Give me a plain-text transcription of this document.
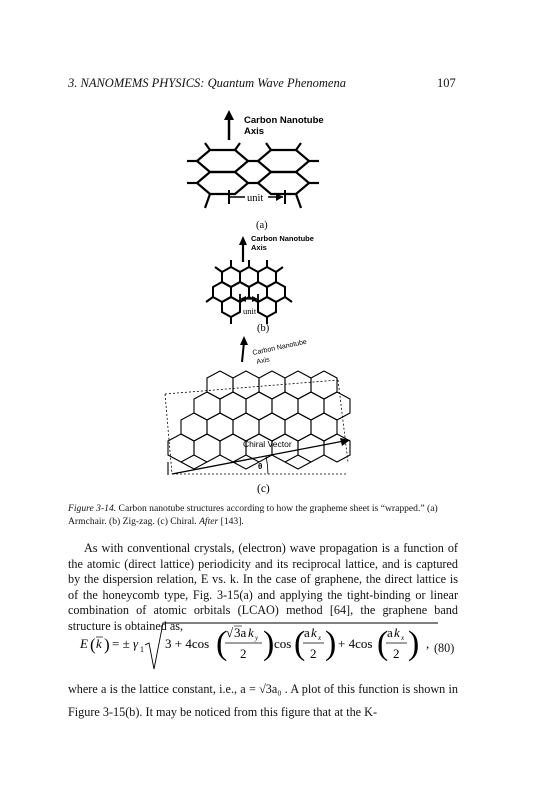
3. NANOMEMS PHYSICS: Quantum Wave Phenomena	107
Carbon Nanotube
Axis
unit
(a)
Carbon Nanotube
Axis
unit
(b)
Carbon Nanotube
Axis
Chiral Vector
θ
(c)
Figure 3-14. Carbon nanotube structures according to how the grapheme sheet is “wrapped.” (a) Armchair. (b) Zig-zag. (c) Chiral. After [143].
As with conventional crystals, (electron) wave propagation is a function of the atomic (direct lattice) periodicity and its reciprocal lattice, and is captured by the dispersion relation, E vs. k. In the case of graphene, the direct lattice is of the honeycomb type, Fig. 3-15(a) and applying the tight-binding or linear combination of atomic orbitals (LCAO) method [64], the graphene band structure is obtained as,
E ( k ) = ± γ 1 3 + 4cos (
√ 3a k y
2 ) cos (
a k x
2 ) + 4cos (
a k x
2 ) , (80)
where a is the lattice constant, i.e., a = √3a₀ . A plot of this function is shown in Figure 3-15(b). It may be noticed from this figure that at the K-
